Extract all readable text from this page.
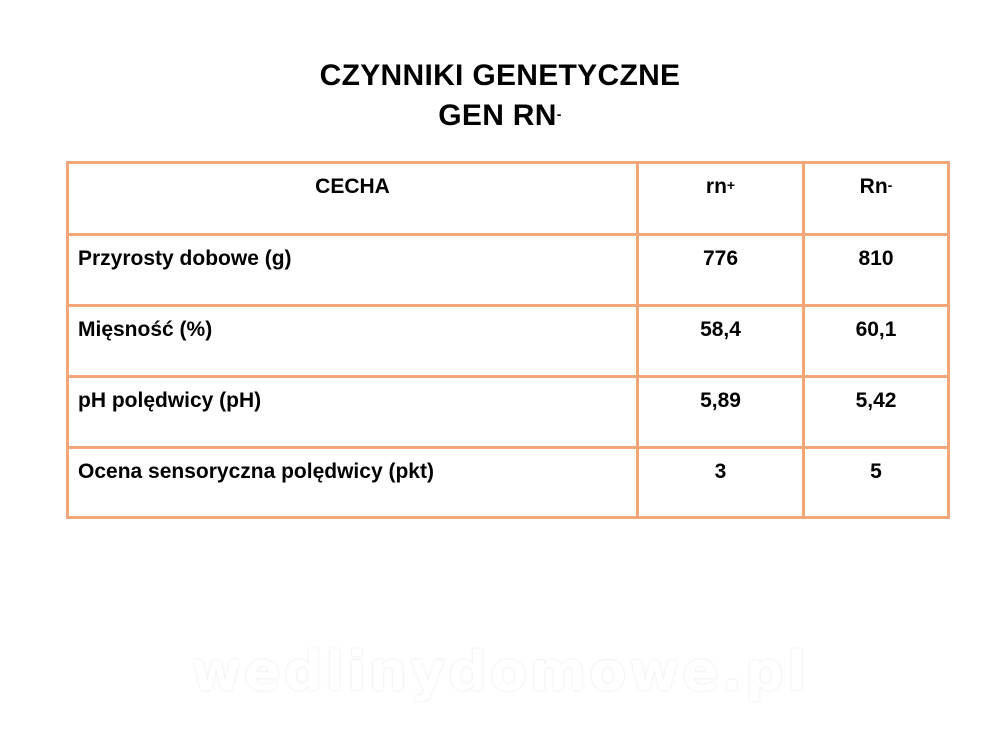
CZYNNIKI GENETYCZNE
GEN RN-
CECHA	rn+	Rn-
Przyrosty dobowe (g)	776	810
Mięsność (%)	58,4	60,1
pH polędwicy (pH)	5,89	5,42
Ocena sensoryczna polędwicy (pkt)	3	5
wedlinydomowe.pl
